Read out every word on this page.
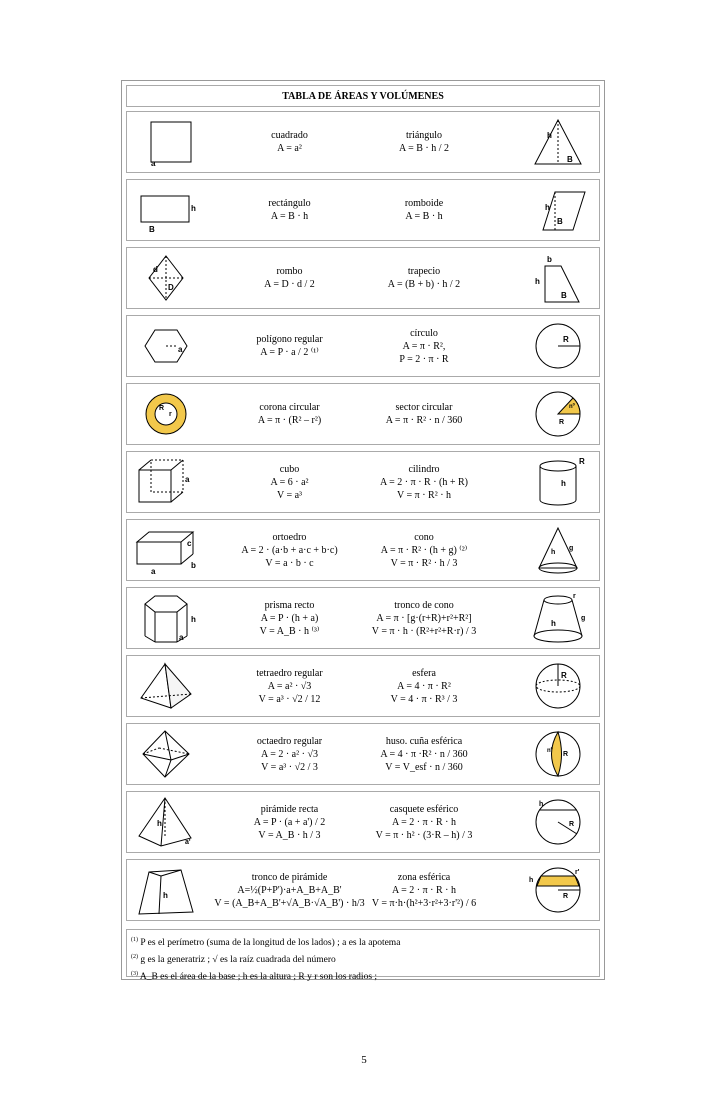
TABLA DE ÁREAS Y VOLÚMENES
a
cuadrado
A = a²
triángulo
A = B · h / 2
h
B
h
B
rectángulo
A = B · h
romboide
A = B · h
h
B
d
D
rombo
A = D · d / 2
trapecio
A = (B + b) · h / 2
b
h
B
a
polígono regular
A = P · a / 2 ⁽¹⁾
círculo
A = π · R²,
P = 2 · π · R
R
R
r
corona circular
A = π · (R² – r²)
sector circular
A = π · R² · n / 360	R
nº
a
cubo
A = 6 · a²
V = a³
cilindro
A = 2 · π · R · (h + R)
V = π · R² · h
R
h
c
a
b
ortoedro
A = 2 · (a·b + a·c + b·c)
V = a · b · c
cono
A = π · R² · (h + g) ⁽²⁾
V = π · R² · h / 3
h
g
h
a
prisma recto
A = P · (h + a)
V = A_B · h ⁽³⁾
tronco de cono
A = π · [g·(r+R)+r²+R²]
V = π · h · (R²+r²+R·r) / 3
r
g
h
tetraedro regular
A = a² · √3
V = a³ · √2 / 12
esfera
A = 4 · π · R²
V = 4 · π · R³ / 3
R
octaedro regular
A = 2 · a² · √3
V = a³ · √2 / 3
huso. cuña esférica
A = 4 · π ·R² · n / 360
V = V_esf · n / 360
R
nº
h
a'
pirámide recta
A = P · (a + a') / 2
V = A_B · h / 3
casquete esférico
A = 2 · π · R · h
V = π · h² · (3·R – h) / 3
h
R
h
tronco de pirámide
A=½(P+P')·a+A_B+A_B'
V = (A_B+A_B'+√A_B·√A_B') · h/3
zona esférica
A = 2 · π · R · h
V = π·h·(h²+3·r²+3·r'²) / 6
r'
h
R
$^{(1)}$ P es el perímetro (suma de la longitud de los lados) ; a es la apotema
$^{(2)}$ g es la generatriz ; √ es la raíz cuadrada del número
$^{(3)}$ A_B es el área de la base ; h es la altura ; R y r son los radios ;
5
